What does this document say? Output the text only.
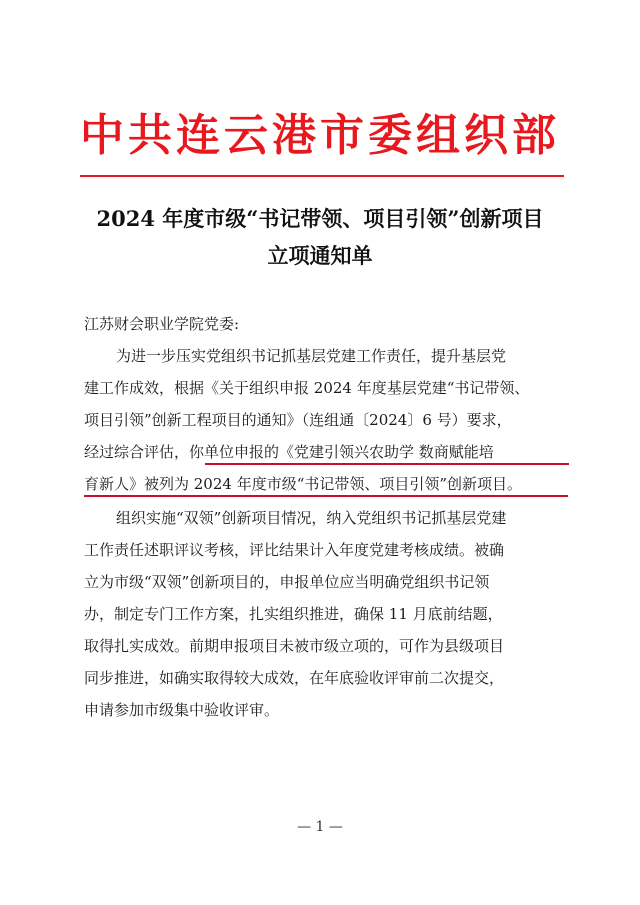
中共连云港市委组织部
2024 年度市级“书记带领、项目引领”创新项目
立项通知单
江苏财会职业学院党委:
为进一步压实党组织书记抓基层党建工作责任，提升基层党
建工作成效，根据《关于组织申报 2024 年度基层党建“书记带领、
项目引领”创新工程项目的通知》（连组通〔2024〕6 号）要求，
经过综合评估，你单位申报的《党建引领兴农助学 数商赋能培
育新人》被列为 2024 年度市级“书记带领、项目引领”创新项目。
组织实施“双领”创新项目情况，纳入党组织书记抓基层党建
工作责任述职评议考核，评比结果计入年度党建考核成绩。被确
立为市级“双领”创新项目的，申报单位应当明确党组织书记领
办，制定专门工作方案，扎实组织推进，确保 11 月底前结题，
取得扎实成效。前期申报项目未被市级立项的，可作为县级项目
同步推进，如确实取得较大成效，在年底验收评审前二次提交，
申请参加市级集中验收评审。
— 1 —
